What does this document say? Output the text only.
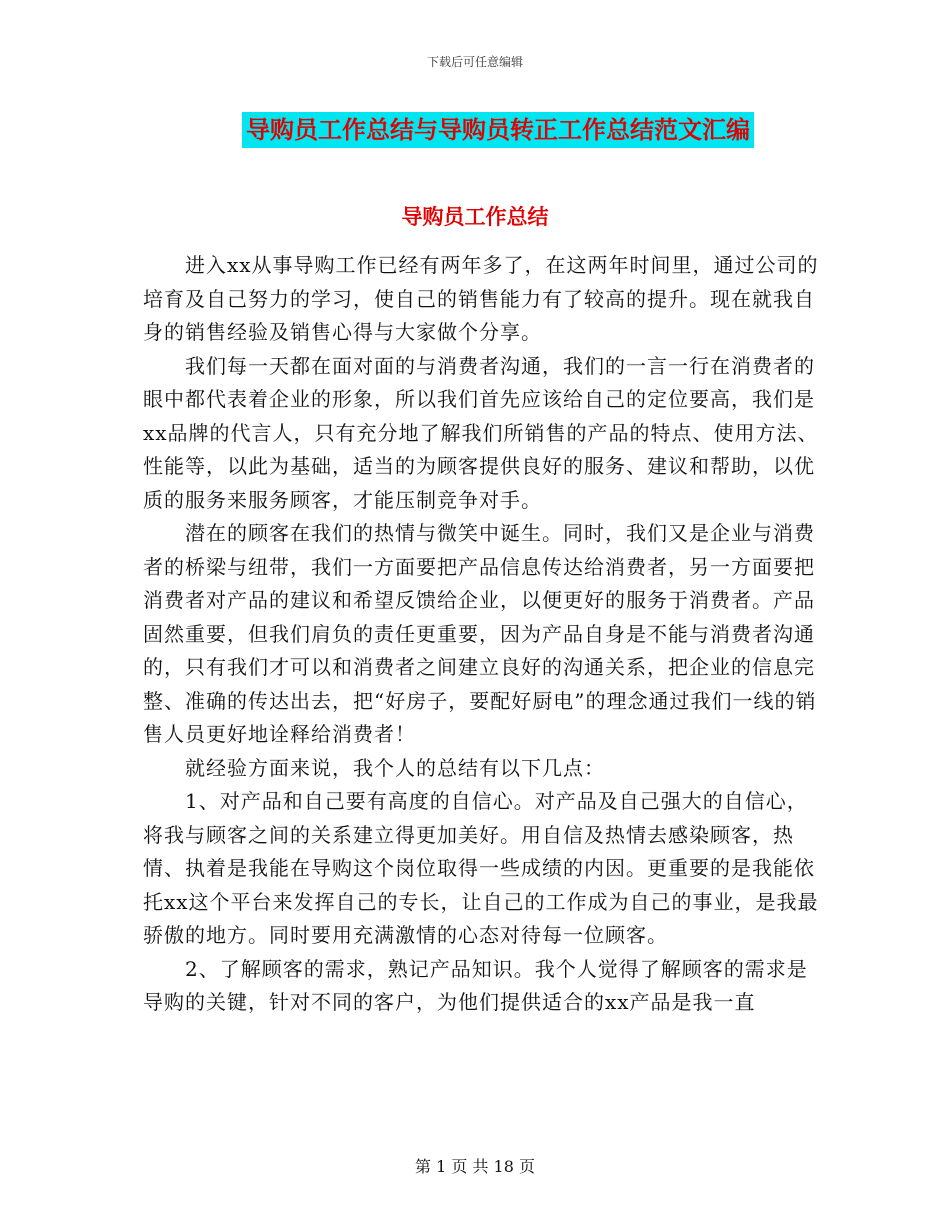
下载后可任意编辑
导购员工作总结与导购员转正工作总结范文汇编
导购员工作总结

　　进入xx从事导购工作已经有两年多了，在这两年时间里，通过公司的培育及自己努力的学习，使自己的销售能力有了较高的提升。现在就我自身的销售经验及销售心得与大家做个分享。

　　我们每一天都在面对面的与消费者沟通，我们的一言一行在消费者的眼中都代表着企业的形象，所以我们首先应该给自己的定位要高，我们是xx品牌的代言人，只有充分地了解我们所销售的产品的特点、使用方法、性能等，以此为基础，适当的为顾客提供良好的服务、建议和帮助，以优质的服务来服务顾客，才能压制竞争对手。

　　潜在的顾客在我们的热情与微笑中诞生。同时，我们又是企业与消费者的桥梁与纽带，我们一方面要把产品信息传达给消费者，另一方面要把消费者对产品的建议和希望反馈给企业，以便更好的服务于消费者。产品固然重要，但我们肩负的责任更重要，因为产品自身是不能与消费者沟通的，只有我们才可以和消费者之间建立良好的沟通关系，把企业的信息完整、准确的传达出去，把“好房子，要配好厨电”的理念通过我们一线的销售人员更好地诠释给消费者！

　　就经验方面来说，我个人的总结有以下几点：

　　1、对产品和自己要有高度的自信心。对产品及自己强大的自信心，将我与顾客之间的关系建立得更加美好。用自信及热情去感染顾客，热情、执着是我能在导购这个岗位取得一些成绩的内因。更重要的是我能依托xx这个平台来发挥自己的专长，让自己的工作成为自己的事业，是我最骄傲的地方。同时要用充满激情的心态对待每一位顾客。

　　2、了解顾客的需求，熟记产品知识。我个人觉得了解顾客的需求是导购的关键，针对不同的客户，为他们提供适合的xx产品是我一直

第 1 页 共 18 页
